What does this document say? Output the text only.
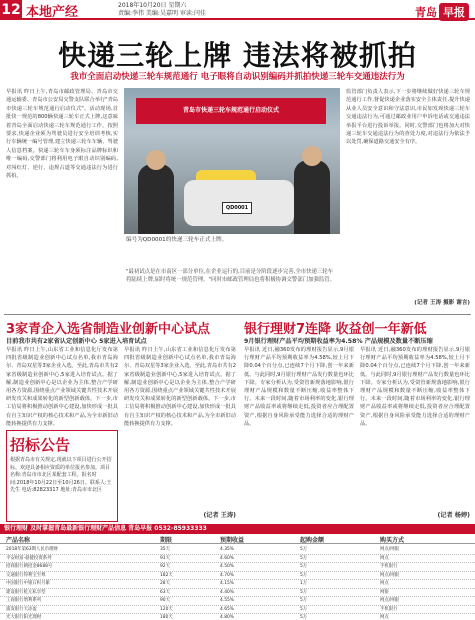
12 本地产经	2018年10月20日 星期六
责编:李伟 美编:吴嘉明 审读:闫佳	青岛 早报
快递三轮上牌 违法将被抓拍
我市全面启动快递三轮车规范通行 电子眼将自动识别编码并抓拍快递三轮车交通违法行为
早报讯 昨日上午,青岛市邮政管理局、青岛市交通运输委、青岛市公安局交警支队联合举行"青岛市快递三轮车规范通行启动仪式"。活动现场,首批快一规范的800辆快递三轮车正式上牌,这意味着青岛全面启动快递三轮车规范通行工作。按照要求,快递企业须为驾驶员进行安全培训考核,实行车辆统一编号管理,建立快递三轮车车辆、驾驶人信息档案。快递三轮车车身须标注品牌标识和唯一编码,交警部门将利用电子眼自动识别编码,对闯红灯、逆行、违规占道等交通违法行为进行抓拍。
青岛市快递三轮车规范通行启动仪式
QD0001
编号为QD0001的快递三轮车正式上牌。
"最初试点是在市南区一部分单位,在企业运行的,目前是分阶段逐步完善,全市快递三轮车将陆续上牌,届时将统一规范管理。"同时市邮政管理局也将积极协调交警部门加强监管。
监管部门负责人表示,下一步将继续做好快递三轮车规范通行工作,督促快递企业落实安全主体责任,提升快递从业人员安全意识和守法意识,市民如发现快递三轮车交通违法行为,可通过邮政业用户申诉电话或交通违法举报平台进行投诉举报。同时,交警部门也将加大对快递三轮车交通违法行为的查处力度,对违法行为依法予以处罚,确保道路交通安全有序。
(记者 王涛 摄影 谢言)
3家青企入选省制造业创新中心试点
目前我市共有2家省认定创新中心 5家进入培育试点
早报讯 昨日上午,山东省工业和信息化厅发布第四批省级制造业创新中心试点名单,我市青岛海尔、青岛双星等3家企业入选。至此,青岛市共有2家省级制造业创新中心,5家进入培育试点。据了解,制造业创新中心是以企业为主体,整合产学研用各方资源,围绕重点产业领域关键共性技术开展研发攻关和成果转化的新型创新载体。下一步,市工信局将积极推动创新中心建设,加快形成一批具有自主知识产权的核心技术和产品,为全市新旧动能转换提供有力支撑。
早报讯 昨日上午,山东省工业和信息化厅发布第四批省级制造业创新中心试点名单,我市青岛海尔、青岛双星等3家企业入选。至此,青岛市共有2家省级制造业创新中心,5家进入培育试点。据了解,制造业创新中心是以企业为主体,整合产学研用各方资源,围绕重点产业领域关键共性技术开展研发攻关和成果转化的新型创新载体。下一步,市工信局将积极推动创新中心建设,加快形成一批具有自主知识产权的核心技术和产品,为全市新旧动能转换提供有力支撑。
(记者 王涛)
招标公告
根据青岛市有关规定,现就以下项目进行公开招标。欢迎具备相应资质的单位报名参加。项目名称:青岛市市北区某配套工程。报名时间:2018年10月22日至10月26日。联系人:王先生 电话:82823317 地址:青岛市市北区
银行理财7连降 收益创一年新低
9月银行理财产品平均预期收益率为4.58% 产品规模及数量不断压缩
早报讯 近日,融360发布的理财报告显示,9月银行理财产品平均预期收益率为4.58%,较上月下降0.04个百分点,已连续7个月下降,创一年来新低。与此同时,9月银行理财产品发行数量也环比下降。专家分析认为,受资管新规落地影响,银行理财产品规模和数量不断压缩,收益率整体下行。未来一段时间,随着市场利率的变化,银行理财产品收益率或将继续走低,投资者应合理配置资产,根据自身风险承受能力选择合适的理财产品。
早报讯 近日,融360发布的理财报告显示,9月银行理财产品平均预期收益率为4.58%,较上月下降0.04个百分点,已连续7个月下降,创一年来新低。与此同时,9月银行理财产品发行数量也环比下降。专家分析认为,受资管新规落地影响,银行理财产品规模和数量不断压缩,收益率整体下行。未来一段时间,随着市场利率的变化,银行理财产品收益率或将继续走低,投资者应合理配置资产,根据自身风险承受能力选择合适的理财产品。
(记者 杨婷)
银行理财 及时掌握青岛最新银行理财产品信息 青岛早报 0532-85933333
产品名称	期限	预期收益	起购金额	购买方式
2018年第63期人民币理财	35天	4.35%	5万	网点/网银
平安财富-稳健投资系列	91天	4.60%	5万	网点
招商银行朝招金8688号	92天	4.50%	5万	手机银行
交通银行得利宝至尊	182天	4.70%	5万	网点/网银
中国银行中银日积月累	28天	4.15%	1万	网点
建设银行乾元私享型	63天	4.40%	5万	网银
工商银行增利系列	90天	4.55%	5万	网点/网银
浦发银行天添盈	120天	4.65%	5万	手机银行
光大银行阳光理财	180天	4.80%	5万	网点
